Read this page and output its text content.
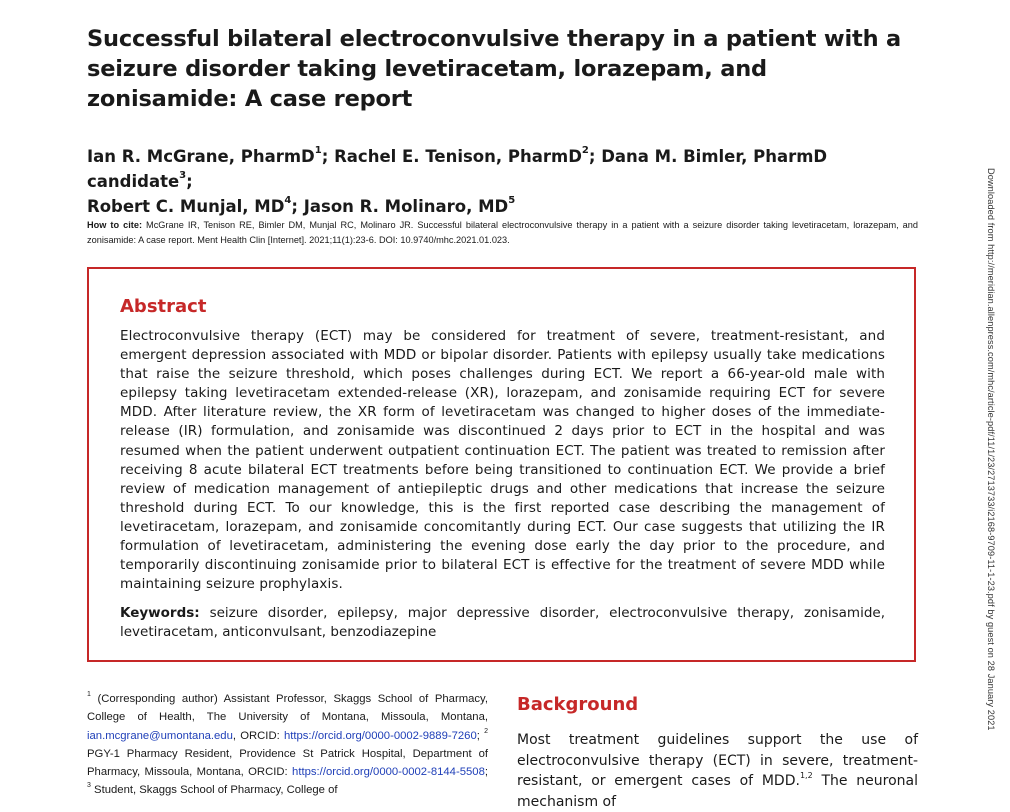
Successful bilateral electroconvulsive therapy in a patient with a seizure disorder taking levetiracetam, lorazepam, and zonisamide: A case report
Ian R. McGrane, PharmD$^1$; Rachel E. Tenison, PharmD$^2$; Dana M. Bimler, PharmD candidate$^3$;
Robert C. Munjal, $MD^4$; Jason R. Molinaro, $MD^5$
How to cite: McGrane IR, Tenison RE, Bimler DM, Munjal RC, Molinaro JR. Successful bilateral electroconvulsive therapy in a patient with a seizure disorder taking levetiracetam, lorazepam, and zonisamide: A case report. Ment Health Clin [Internet]. 2021;11(1):23-6. DOI: 10.9740/mhc.2021.01.023.
Abstract
Electroconvulsive therapy (ECT) may be considered for treatment of severe, treatment-resistant, and emergent depression associated with MDD or bipolar disorder. Patients with epilepsy usually take medications that raise the seizure threshold, which poses challenges during ECT. We report a 66-year-old male with epilepsy taking levetiracetam extended-release (XR), lorazepam, and zonisamide requiring ECT for severe MDD. After literature review, the XR form of levetiracetam was changed to higher doses of the immediate-release (IR) formulation, and zonisamide was discontinued 2 days prior to ECT in the hospital and was resumed when the patient underwent outpatient continuation ECT. The patient was treated to remission after receiving 8 acute bilateral ECT treatments before being transitioned to continuation ECT. We provide a brief review of medication management of antiepileptic drugs and other medications that increase the seizure threshold during ECT. To our knowledge, this is the first reported case describing the management of levetiracetam, lorazepam, and zonisamide concomitantly during ECT. Our case suggests that utilizing the IR formulation of levetiracetam, administering the evening dose early the day prior to the procedure, and temporarily discontinuing zonisamide prior to bilateral ECT is effective for the treatment of severe MDD while maintaining seizure prophylaxis.
Keywords: seizure disorder, epilepsy, major depressive disorder, electroconvulsive therapy, zonisamide, levetiracetam, anticonvulsant, benzodiazepine
$^1$ (Corresponding author) Assistant Professor, Skaggs School of Pharmacy, College of Health, The University of Montana, Missoula, Montana, ian.mcgrane@umontana.edu, ORCID: https://orcid.org/0000-0002-9889-7260; $^2$ PGY-1 Pharmacy Resident, Providence St Patrick Hospital, Department of Pharmacy, Missoula, Montana, ORCID: https://orcid.org/0000-0002-8144-5508; $^3$ Student, Skaggs School of Pharmacy, College of
Background
Most treatment guidelines support the use of electroconvulsive therapy (ECT) in severe, treatment-resistant, or emergent cases of MDD.$^{1,2}$ The neuronal mechanism of
Downloaded from http://meridian.allenpress.com/mhc/article-pdf/11/1/23/2713733/i2168-9709-11-1-23.pdf by guest on 28 January 2021
